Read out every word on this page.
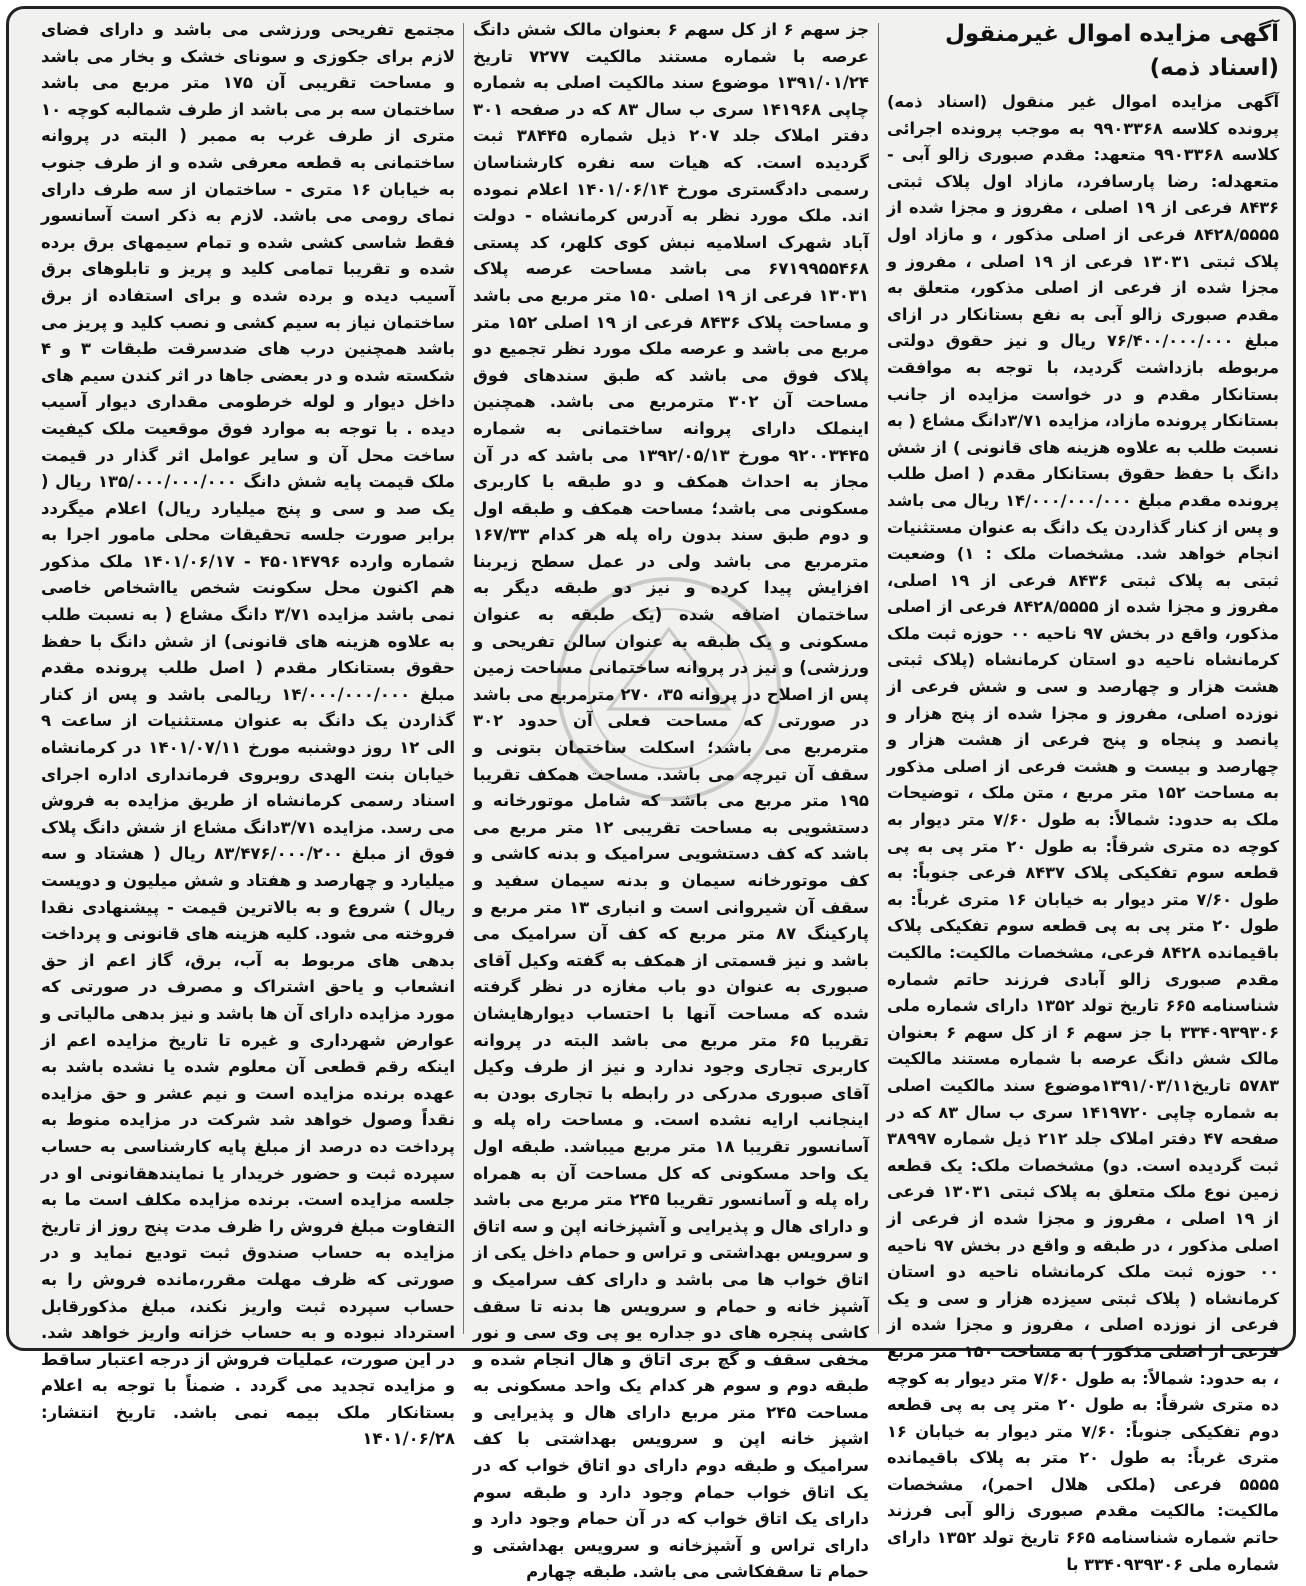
آگهی مزایده اموال غیرمنقول (اسناد ذمه)

آگهی مزایده اموال غیر منقول (اسناد ذمه) پرونده کلاسه ۹۹۰۳۳۶۸ به موجب پرونده اجرائی کلاسه ۹۹۰۳۳۶۸ متعهد: مقدم صبوری زالو آبی - متعهدله: رضا پارسافرد، مازاد اول پلاک ثبتی ۸۴۳۶ فرعی از ۱۹ اصلی ، مفروز و مجزا شده از ۸۴۲۸/۵۵۵۵ فرعی از اصلی مذکور ، و مازاد اول پلاک ثبتی ۱۳۰۳۱ فرعی از ۱۹ اصلی ، مفروز و مجزا شده از فرعی از اصلی مذکور، متعلق به مقدم صبوری زالو آبی به نفع بستانکار در ازای مبلغ ۷۶/۴۰۰/۰۰۰/۰۰۰ ریال و نیز حقوق دولتی مربوطه بازداشت گردید، با توجه به موافقت بستانکار مقدم و در خواست مزایده از جانب بستانکار پرونده مازاد، مزایده ۳/۷۱دانگ مشاع ( به نسبت طلب به علاوه هزینه های قانونی ) از شش دانگ با حفظ حقوق بستانکار مقدم ( اصل طلب پرونده مقدم مبلغ ۱۴/۰۰۰/۰۰۰/۰۰۰ ریال می باشد و پس از کنار گذاردن یک دانگ به عنوان مستثنیات انجام خواهد شد. مشخصات ملک : ۱) وضعیت ثبتی به پلاک ثبتی ۸۴۳۶ فرعی از ۱۹ اصلی، مفروز و مجزا شده از ۸۴۲۸/۵۵۵۵ فرعی از اصلی مذکور، واقع در بخش ۹۷ ناحیه ۰۰ حوزه ثبت ملک کرمانشاه ناحیه دو استان کرمانشاه (پلاک ثبتی هشت هزار و چهارصد و سی و شش فرعی از نوزده اصلی، مفروز و مجزا شده از پنج هزار و پانصد و پنجاه و پنج فرعی از هشت هزار و چهارصد و بیست و هشت فرعی از اصلی مذکور به مساحت ۱۵۲ متر مربع ، متن ملک ، توضیحات ملک به حدود: شمالاً: به طول ۷/۶۰ متر دیوار به کوچه ده متری شرقاً: به طول ۲۰ متر پی به پی قطعه سوم تفکیکی پلاک ۸۴۳۷ فرعی جنوباً: به طول ۷/۶۰ متر دیوار به خیابان ۱۶ متری غرباً: به طول ۲۰ متر پی به پی قطعه سوم تفکیکی پلاک باقیمانده ۸۴۲۸ فرعی، مشخصات مالکیت: مالکیت مقدم صبوری زالو آبادی فرزند حاتم شماره شناسنامه ۶۶۵ تاریخ تولد ۱۳۵۲ دارای شماره ملی ۳۳۴۰۹۳۹۳۰۶ با جز سهم ۶ از کل سهم ۶ بعنوان مالک شش دانگ عرصه با شماره مستند مالکیت ۵۷۸۳ تاریخ۱۳۹۱/۰۳/۱۱موضوع سند مالکیت اصلی به شماره چاپی ۱۴۱۹۷۲۰ سری ب سال ۸۳ که در صفحه ۴۷ دفتر املاک جلد ۲۱۲ ذیل شماره ۳۸۹۹۷ ثبت گردیده است. دو) مشخصات ملک: یک قطعه زمین نوع ملک متعلق به پلاک ثبتی ۱۳۰۳۱ فرعی از ۱۹ اصلی ، مفروز و مجزا شده از فرعی از اصلی مذکور ، در طبقه و واقع در بخش ۹۷ ناحیه ۰۰ حوزه ثبت ملک کرمانشاه ناحیه دو استان کرمانشاه ( پلاک ثبتی سیزده هزار و سی و یک فرعی از نوزده اصلی ، مفروز و مجزا شده از فرعی از اصلی مذکور ) به مساحت ۱۵۰ متر مربع ، به حدود: شمالاً: به طول ۷/۶۰ متر دیوار به کوچه ده متری شرقاً: به طول ۲۰ متر پی به پی قطعه دوم تفکیکی جنوباً: ۷/۶۰ متر دیوار به خیابان ۱۶ متری غرباً: به طول ۲۰ متر به پلاک باقیمانده ۵۵۵۵ فرعی (ملکی هلال احمر)، مشخصات مالکیت: مالکیت مقدم صبوری زالو آبی فرزند حاتم شماره شناسنامه ۶۶۵ تاریخ تولد ۱۳۵۲ دارای شماره ملی ۳۳۴۰۹۳۹۳۰۶ با

جز سهم ۶ از کل سهم ۶ بعنوان مالک شش دانگ عرصه با شماره مستند مالکیت ۷۲۷۷ تاریخ ۱۳۹۱/۰۱/۲۴ موضوع سند مالکیت اصلی به شماره چاپی ۱۴۱۹۶۸ سری ب سال ۸۳ که در صفحه ۳۰۱ دفتر املاک جلد ۲۰۷ ذیل شماره ۳۸۴۴۵ ثبت گردیده است. که هیات سه نفره کارشناسان رسمی دادگستری مورخ ۱۴۰۱/۰۶/۱۴ اعلام نموده اند. ملک مورد نظر به آدرس کرمانشاه - دولت آباد شهرک اسلامیه نبش کوی کلهر، کد پستی ۶۷۱۹۹۵۵۴۶۸ می باشد مساحت عرصه پلاک ۱۳۰۳۱ فرعی از ۱۹ اصلی ۱۵۰ متر مربع می باشد و مساحت پلاک ۸۴۳۶ فرعی از ۱۹ اصلی ۱۵۲ متر مربع می باشد و عرصه ملک مورد نظر تجمیع دو پلاک فوق می باشد که طبق سندهای فوق مساحت آن ۳۰۲ مترمربع می باشد. همچنین اینملک دارای پروانه ساختمانی به شماره ۹۲۰۰۳۴۴۵ مورخ ۱۳۹۲/۰۵/۱۳ می باشد که در آن مجاز به احداث همکف و دو طبقه با کاربری مسکونی می باشد؛ مساحت همکف و طبقه اول و دوم طبق سند بدون راه پله هر کدام ۱۶۷/۳۳ مترمربع می باشد ولی در عمل سطح زیربنا افزایش پیدا کرده و نیز دو طبقه دیگر به ساختمان اضافه شده (یک طبقه به عنوان مسکونی و یک طبقه به عنوان سالن تفریحی و ورزشی) و نیز در پروانه ساختمانی مساحت زمین پس از اصلاح در پروانه ۳۵، ۲۷۰ مترمربع می باشد در صورتی که مساحت فعلی آن حدود ۳۰۲ مترمربع می باشد؛ اسکلت ساختمان بتونی و سقف آن تیرچه می باشد. مساحت همکف تقریبا ۱۹۵ متر مربع می باشد که شامل موتورخانه و دستشویی به مساحت تقریبی ۱۲ متر مربع می باشد که کف دستشویی سرامیک و بدنه کاشی و کف موتورخانه سیمان و بدنه سیمان سفید و سقف آن شیروانی است و انباری ۱۳ متر مربع و پارکینگ ۸۷ متر مربع که کف آن سرامیک می باشد و نیز قسمتی از همکف به گفته وکیل آقای صبوری به عنوان دو باب مغازه در نظر گرفته شده که مساحت آنها با احتساب دیوارهایشان تقریبا ۶۵ متر مربع می باشد البته در پروانه کاربری تجاری وجود ندارد و نیز از طرف وکیل آقای صبوری مدرکی در رابطه با تجاری بودن به اینجانب ارایه نشده است. و مساحت راه پله و آسانسور تقریبا ۱۸ متر مربع میباشد. طبقه اول یک واحد مسکونی که کل مساحت آن به همراه راه پله و آسانسور تقریبا ۲۴۵ متر مربع می باشد و دارای هال و پذیرایی و آشپزخانه اپن و سه اتاق و سرویس بهداشتی و تراس و حمام داخل یکی از اتاق خواب ها می باشد و دارای کف سرامیک و آشپز خانه و حمام و سرویس ها بدنه تا سقف کاشی پنجره های دو جداره یو پی وی سی و نور مخفی سقف و گچ بری اتاق و هال انجام شده و طبقه دوم و سوم هر کدام یک واحد مسکونی به مساحت ۲۴۵ متر مربع دارای هال و پذیرایی و اشپز خانه اپن و سرویس بهداشتی با کف سرامیک و طبقه دوم دارای دو اتاق خواب که در یک اتاق خواب حمام وجود دارد و طبقه سوم دارای یک اتاق خواب که در آن حمام وجود دارد و دارای تراس و آشپزخانه و سرویس بهداشتی و حمام تا سقفکاشی می باشد. طبقه چهارم

مجتمع تفریحی ورزشی می باشد و دارای فضای لازم برای جکوزی و سونای خشک و بخار می باشد و مساحت تقریبی آن ۱۷۵ متر مربع می باشد ساختمان سه بر می باشد از طرف شمالبه کوچه ۱۰ متری از طرف غرب به ممبر ( البته در پروانه ساختمانی به قطعه معرفی شده و از طرف جنوب به خیابان ۱۶ متری - ساختمان از سه طرف دارای نمای رومی می باشد. لازم به ذکر است آسانسور فقط شاسی کشی شده و تمام سیمهای برق برده شده و تقریبا تمامی کلید و پریز و تابلوهای برق آسیب دیده و برده شده و برای استفاده از برق ساختمان نیاز به سیم کشی و نصب کلید و پریز می باشد همچنین درب های ضدسرقت طبقات ۳ و ۴ شکسته شده و در بعضی جاها در اثر کندن سیم های داخل دیوار و لوله خرطومی مقداری دیوار آسیب دیده . با توجه به موارد فوق موقعیت ملک کیفیت ساخت محل آن و سایر عوامل اثر گذار در قیمت ملک قیمت پایه شش دانگ ۱۳۵/۰۰۰/۰۰۰/۰۰۰ ریال ( یک صد و سی و پنج میلیارد ریال) اعلام میگردد برابر صورت جلسه تحقیقات محلی مامور اجرا به شماره وارده ۴۵۰۱۴۷۹۶ - ۱۴۰۱/۰۶/۱۷ ملک مذکور هم اکنون محل سکونت شخص یااشخاص خاصی نمی باشد مزایده ۳/۷۱ دانگ مشاع ( به نسبت طلب به علاوه هزینه های قانونی) از شش دانگ با حفظ حقوق بستانکار مقدم ( اصل طلب پرونده مقدم مبلغ ۱۴/۰۰۰/۰۰۰/۰۰۰ ریالمی باشد و پس از کنار گذاردن یک دانگ به عنوان مستثنیات از ساعت ۹ الی ۱۲ روز دوشنبه مورخ ۱۴۰۱/۰۷/۱۱ در کرمانشاه خیابان بنت الهدی روبروی فرمانداری اداره اجرای اسناد رسمی کرمانشاه از طریق مزایده به فروش می رسد. مزایده ۳/۷۱دانگ مشاع از شش دانگ پلاک فوق از مبلغ ۸۳/۴۷۶/۰۰۰/۲۰۰ ریال ( هشتاد و سه میلیارد و چهارصد و هفتاد و شش میلیون و دویست ریال ) شروع و به بالاترین قیمت - پیشنهادی نقدا فروخته می شود. کلیه هزینه های قانونی و پرداخت بدهی های مربوط به آب، برق، گاز اعم از حق انشعاب و یاحق اشتراک و مصرف در صورتی که مورد مزایده دارای آن ها باشد و نیز بدهی مالیاتی و عوارض شهرداری و غیره تا تاریخ مزایده اعم از اینکه رقم قطعی آن معلوم شده یا نشده باشد به عهده برنده مزایده است و نیم عشر و حق مزایده نقداً وصول خواهد شد شرکت در مزایده منوط به پرداخت ده درصد از مبلغ پایه کارشناسی به حساب سپرده ثبت و حضور خریدار یا نمایندهقانونی او در جلسه مزایده است. برنده مزایده مکلف است ما به التفاوت مبلغ فروش را ظرف مدت پنج روز از تاریخ مزایده به حساب صندوق ثبت تودیع نماید و در صورتی که ظرف مهلت مقرر،مانده فروش را به حساب سپرده ثبت واریز نکند، مبلغ مذکورقابل استرداد نبوده و به حساب خزانه واریز خواهد شد. در این صورت، عملیات فروش از درجه اعتبار ساقط و مزایده تجدید می گردد . ضمناً با توجه به اعلام بستانکار ملک بیمه نمی باشد. تاریخ انتشار: ۱۴۰۱/۰۶/۲۸
